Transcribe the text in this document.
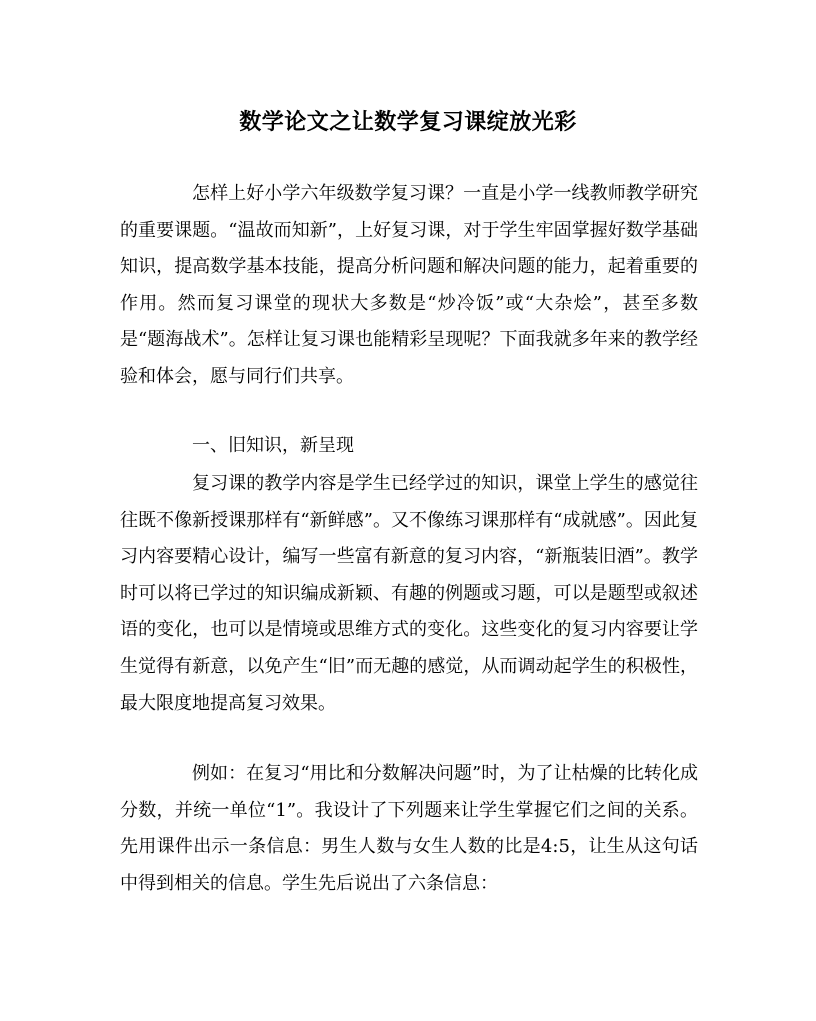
数学论文之让数学复习课绽放光彩

怎样上好小学六年级数学复习课？一直是小学一线教师教学研究的重要课题。“温故而知新”，上好复习课，对于学生牢固掌握好数学基础知识，提高数学基本技能，提高分析问题和解决问题的能力，起着重要的作用。然而复习课堂的现状大多数是“炒冷饭”或“大杂烩”，甚至多数是“题海战术”。怎样让复习课也能精彩呈现呢？下面我就多年来的教学经验和体会，愿与同行们共享。

一、旧知识，新呈现

复习课的教学内容是学生已经学过的知识，课堂上学生的感觉往往既不像新授课那样有“新鲜感”。又不像练习课那样有“成就感”。因此复习内容要精心设计，编写一些富有新意的复习内容，“新瓶装旧酒”。教学时可以将已学过的知识编成新颖、有趣的例题或习题，可以是题型或叙述语的变化，也可以是情境或思维方式的变化。这些变化的复习内容要让学生觉得有新意，以免产生“旧”而无趣的感觉，从而调动起学生的积极性，最大限度地提高复习效果。

例如：在复习“用比和分数解决问题”时，为了让枯燥的比转化成分数，并统一单位“1”。我设计了下列题来让学生掌握它们之间的关系。先用课件出示一条信息：男生人数与女生人数的比是4:5，让生从这句话中得到相关的信息。学生先后说出了六条信息：
